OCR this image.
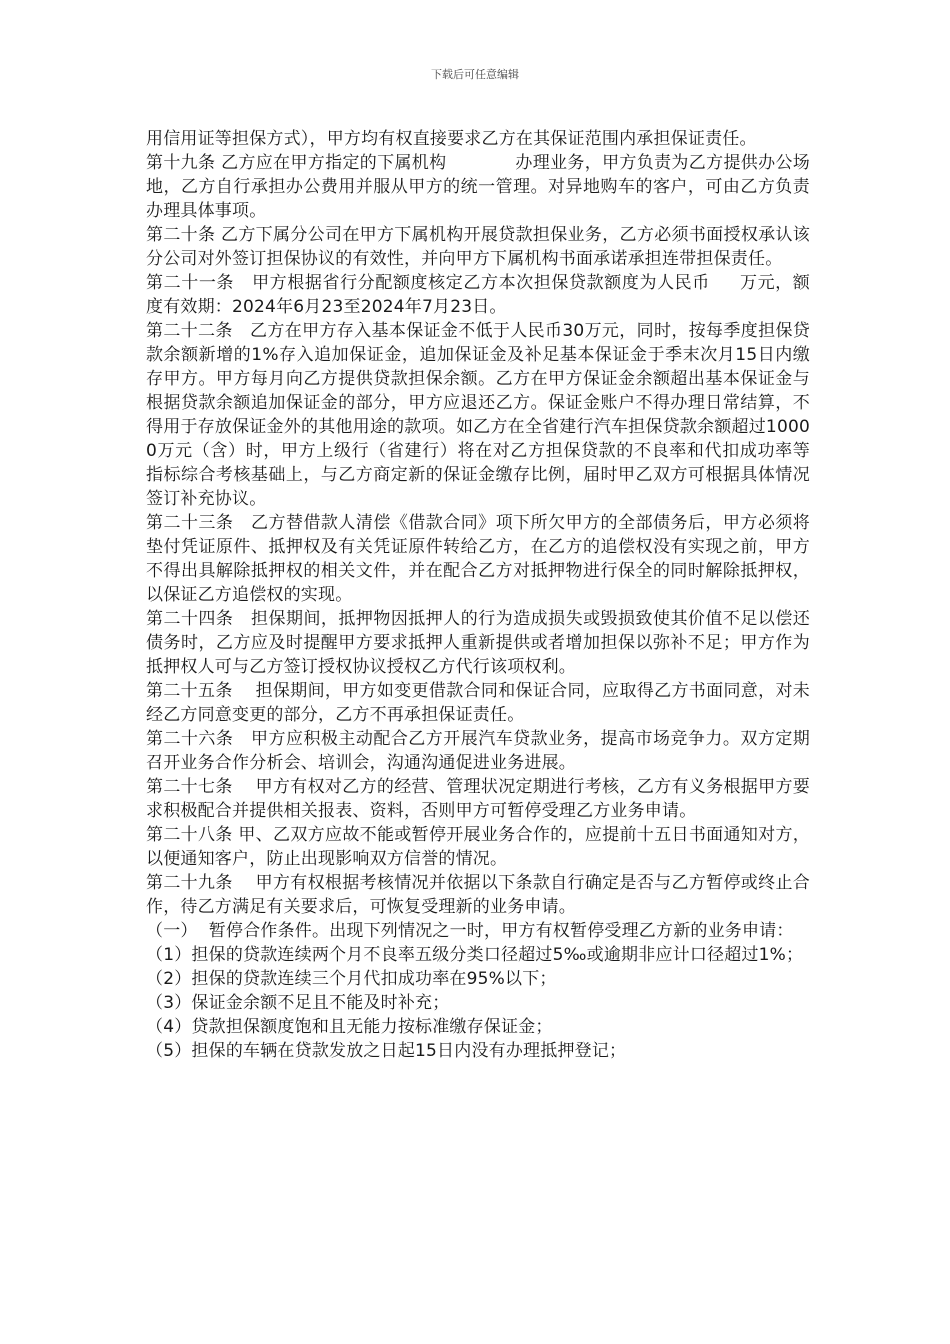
下载后可任意编辑

用信用证等担保方式），甲方均有权直接要求乙方在其保证范围内承担保证责任。

第十九条 乙方应在甲方指定的下属机构            办理业务，甲方负责为乙方提供办公场地，乙方自行承担办公费用并服从甲方的统一管理。对异地购车的客户，可由乙方负责办理具体事项。

第二十条 乙方下属分公司在甲方下属机构开展贷款担保业务，乙方必须书面授权承认该分公司对外签订担保协议的有效性，并向甲方下属机构书面承诺承担连带担保责任。

第二十一条   甲方根据省行分配额度核定乙方本次担保贷款额度为人民币     万元，额度有效期：2024年6月23至2024年7月23日。

第二十二条   乙方在甲方存入基本保证金不低于人民币30万元，同时，按每季度担保贷款余额新增的1%存入追加保证金，追加保证金及补足基本保证金于季末次月15日内缴存甲方。甲方每月向乙方提供贷款担保余额。乙方在甲方保证金余额超出基本保证金与根据贷款余额追加保证金的部分，甲方应退还乙方。保证金账户不得办理日常结算，不得用于存放保证金外的其他用途的款项。如乙方在全省建行汽车担保贷款余额超过10000万元（含）时，甲方上级行（省建行）将在对乙方担保贷款的不良率和代扣成功率等指标综合考核基础上，与乙方商定新的保证金缴存比例，届时甲乙双方可根据具体情况签订补充协议。

第二十三条   乙方替借款人清偿《借款合同》项下所欠甲方的全部债务后，甲方必须将垫付凭证原件、抵押权及有关凭证原件转给乙方，在乙方的追偿权没有实现之前，甲方不得出具解除抵押权的相关文件，并在配合乙方对抵押物进行保全的同时解除抵押权，以保证乙方追偿权的实现。

第二十四条   担保期间，抵押物因抵押人的行为造成损失或毁损致使其价值不足以偿还债务时，乙方应及时提醒甲方要求抵押人重新提供或者增加担保以弥补不足；甲方作为抵押权人可与乙方签订授权协议授权乙方代行该项权利。

第二十五条    担保期间，甲方如变更借款合同和保证合同，应取得乙方书面同意，对未经乙方同意变更的部分，乙方不再承担保证责任。

第二十六条   甲方应积极主动配合乙方开展汽车贷款业务，提高市场竞争力。双方定期召开业务合作分析会、培训会，沟通沟通促进业务进展。

第二十七条    甲方有权对乙方的经营、管理状况定期进行考核，乙方有义务根据甲方要求积极配合并提供相关报表、资料，否则甲方可暂停受理乙方业务申请。

第二十八条 甲、乙双方应故不能或暂停开展业务合作的，应提前十五日书面通知对方，以便通知客户，防止出现影响双方信誉的情况。

第二十九条    甲方有权根据考核情况并依据以下条款自行确定是否与乙方暂停或终止合作，待乙方满足有关要求后，可恢复受理新的业务申请。

（一）  暂停合作条件。出现下列情况之一时，甲方有权暂停受理乙方新的业务申请：

（1）担保的贷款连续两个月不良率五级分类口径超过5‰或逾期非应计口径超过1%；

（2）担保的贷款连续三个月代扣成功率在95%以下；

（3）保证金余额不足且不能及时补充；

（4）贷款担保额度饱和且无能力按标准缴存保证金；

（5）担保的车辆在贷款发放之日起15日内没有办理抵押登记；
